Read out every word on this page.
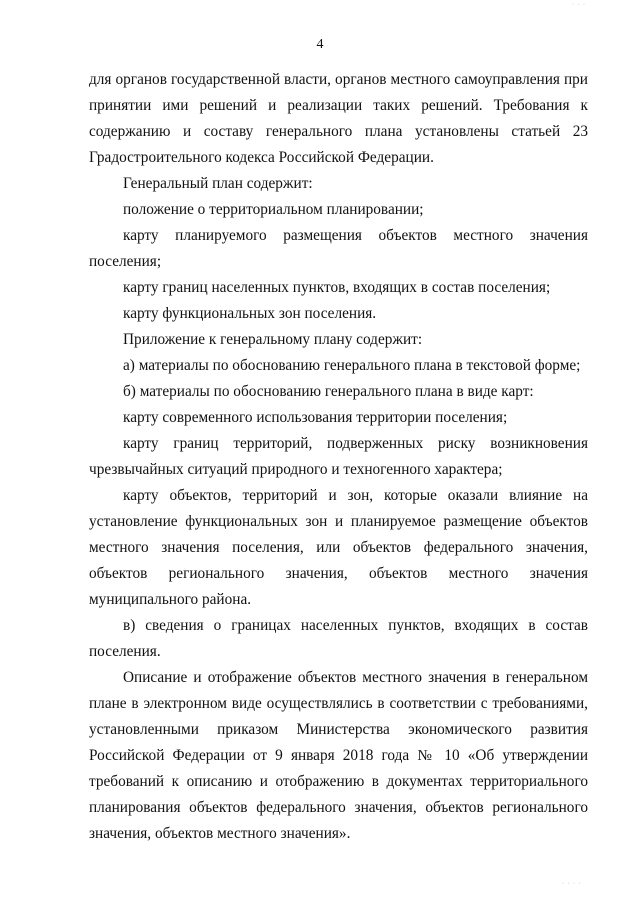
4
· · ·
· · · ·

для органов государственной власти, органов местного самоуправления при

принятии ими решений и реализации таких решений. Требования к

содержанию и составу генерального плана установлены статьей 23

Градостроительного кодекса Российской Федерации.

Генеральный план содержит:

положение о территориальном планировании;

карту планируемого размещения объектов местного значения

поселения;

карту границ населенных пунктов, входящих в состав поселения;

карту функциональных зон поселения.

Приложение к генеральному плану содержит:

а) материалы по обоснованию генерального плана в текстовой форме;

б) материалы по обоснованию генерального плана в виде карт:

карту современного использования территории поселения;

карту границ территорий, подверженных риску возникновения

чрезвычайных ситуаций природного и техногенного характера;

карту объектов, территорий и зон, которые оказали влияние на

установление функциональных зон и планируемое размещение объектов

местного значения поселения, или объектов федерального значения,

объектов регионального значения, объектов местного значения

муниципального района.

в) сведения о границах населенных пунктов, входящих в состав

поселения.

Описание и отображение объектов местного значения в генеральном

плане в электронном виде осуществлялись в соответствии с требованиями,

установленными приказом Министерства экономического развития

Российской Федерации от 9 января 2018 года № 10 «Об утверждении

требований к описанию и отображению в документах территориального

планирования объектов федерального значения, объектов регионального

значения, объектов местного значения».
